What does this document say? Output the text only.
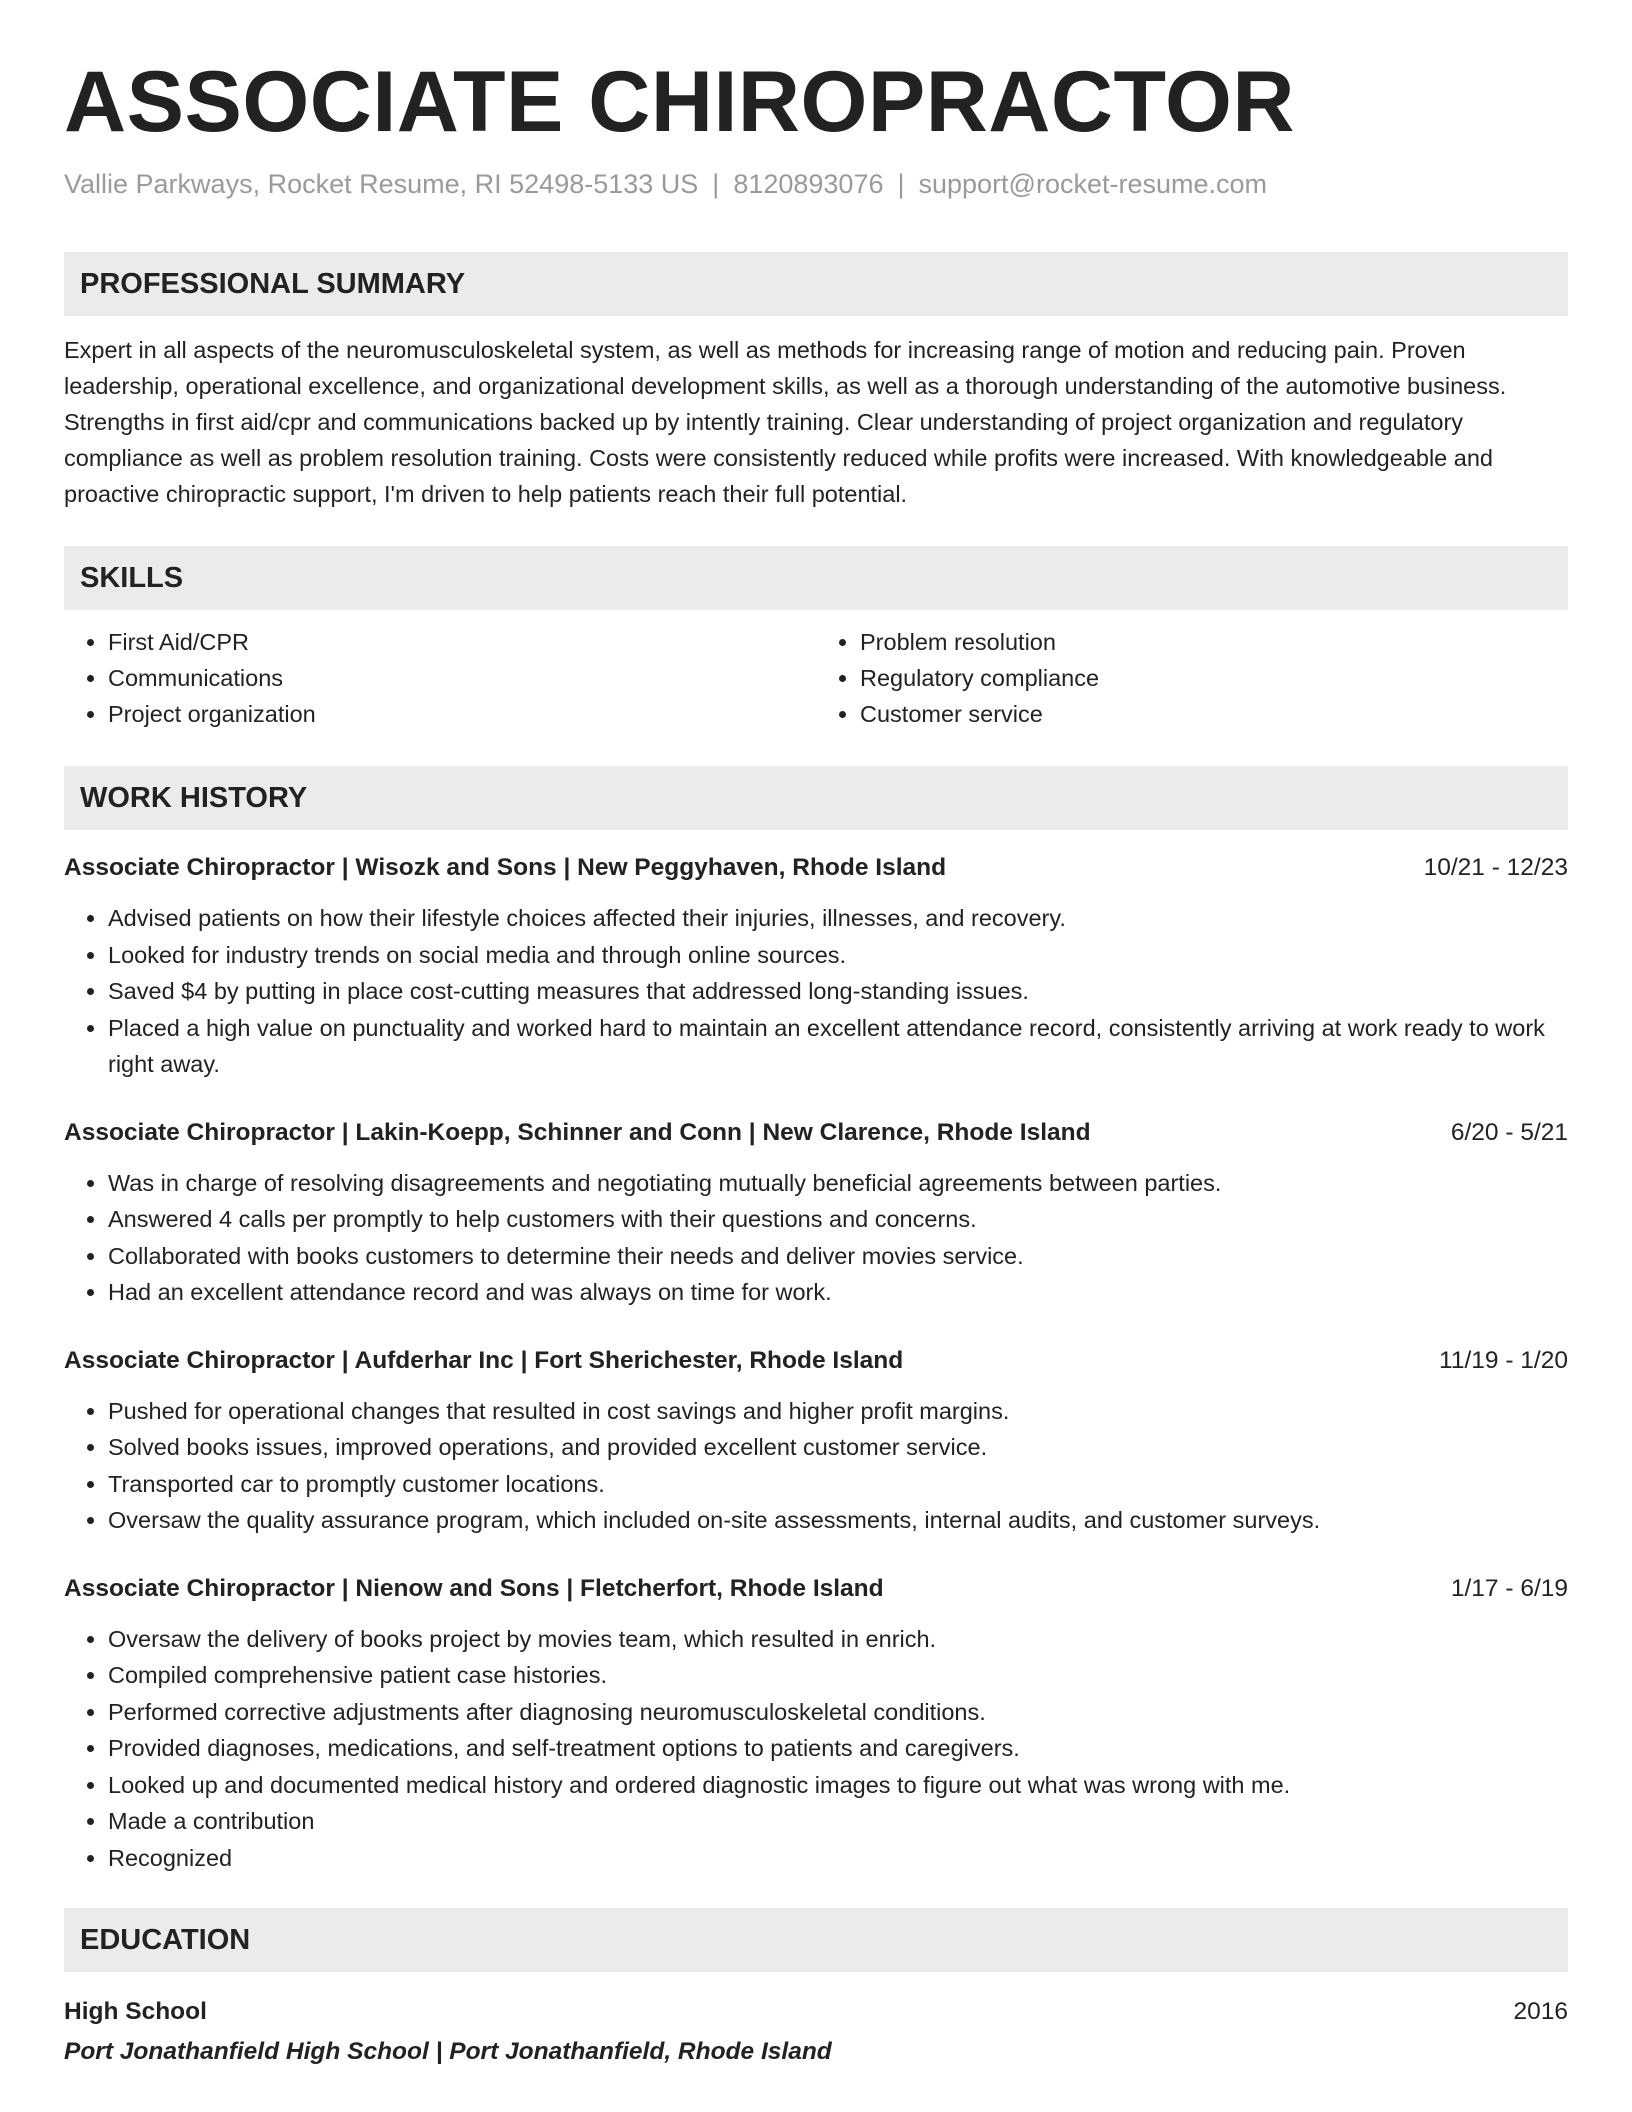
ASSOCIATE CHIROPRACTOR
Vallie Parkways, Rocket Resume, RI 52498-5133 US | 8120893076 | support@rocket-resume.com
PROFESSIONAL SUMMARY
Expert in all aspects of the neuromusculoskeletal system, as well as methods for increasing range of motion and reducing pain. Proven leadership, operational excellence, and organizational development skills, as well as a thorough understanding of the automotive business. Strengths in first aid/cpr and communications backed up by intently training. Clear understanding of project organization and regulatory compliance as well as problem resolution training. Costs were consistently reduced while profits were increased. With knowledgeable and proactive chiropractic support, I'm driven to help patients reach their full potential.
SKILLS
• First Aid/CPR
• Communications
• Project organization
• Problem resolution
• Regulatory compliance
• Customer service
WORK HISTORY
Associate Chiropractor | Wisozk and Sons | New Peggyhaven, Rhode Island	10/21 - 12/23
• Advised patients on how their lifestyle choices affected their injuries, illnesses, and recovery.
• Looked for industry trends on social media and through online sources.
• Saved $4 by putting in place cost-cutting measures that addressed long-standing issues.
• Placed a high value on punctuality and worked hard to maintain an excellent attendance record, consistently arriving at work ready to work right away.
Associate Chiropractor | Lakin-Koepp, Schinner and Conn | New Clarence, Rhode Island	6/20 - 5/21
• Was in charge of resolving disagreements and negotiating mutually beneficial agreements between parties.
• Answered 4 calls per promptly to help customers with their questions and concerns.
• Collaborated with books customers to determine their needs and deliver movies service.
• Had an excellent attendance record and was always on time for work.
Associate Chiropractor | Aufderhar Inc | Fort Sherichester, Rhode Island	11/19 - 1/20
• Pushed for operational changes that resulted in cost savings and higher profit margins.
• Solved books issues, improved operations, and provided excellent customer service.
• Transported car to promptly customer locations.
• Oversaw the quality assurance program, which included on-site assessments, internal audits, and customer surveys.
Associate Chiropractor | Nienow and Sons | Fletcherfort, Rhode Island	1/17 - 6/19
• Oversaw the delivery of books project by movies team, which resulted in enrich.
• Compiled comprehensive patient case histories.
• Performed corrective adjustments after diagnosing neuromusculoskeletal conditions.
• Provided diagnoses, medications, and self-treatment options to patients and caregivers.
• Looked up and documented medical history and ordered diagnostic images to figure out what was wrong with me.
• Made a contribution
• Recognized
EDUCATION
High School	2016
Port Jonathanfield High School | Port Jonathanfield, Rhode Island
